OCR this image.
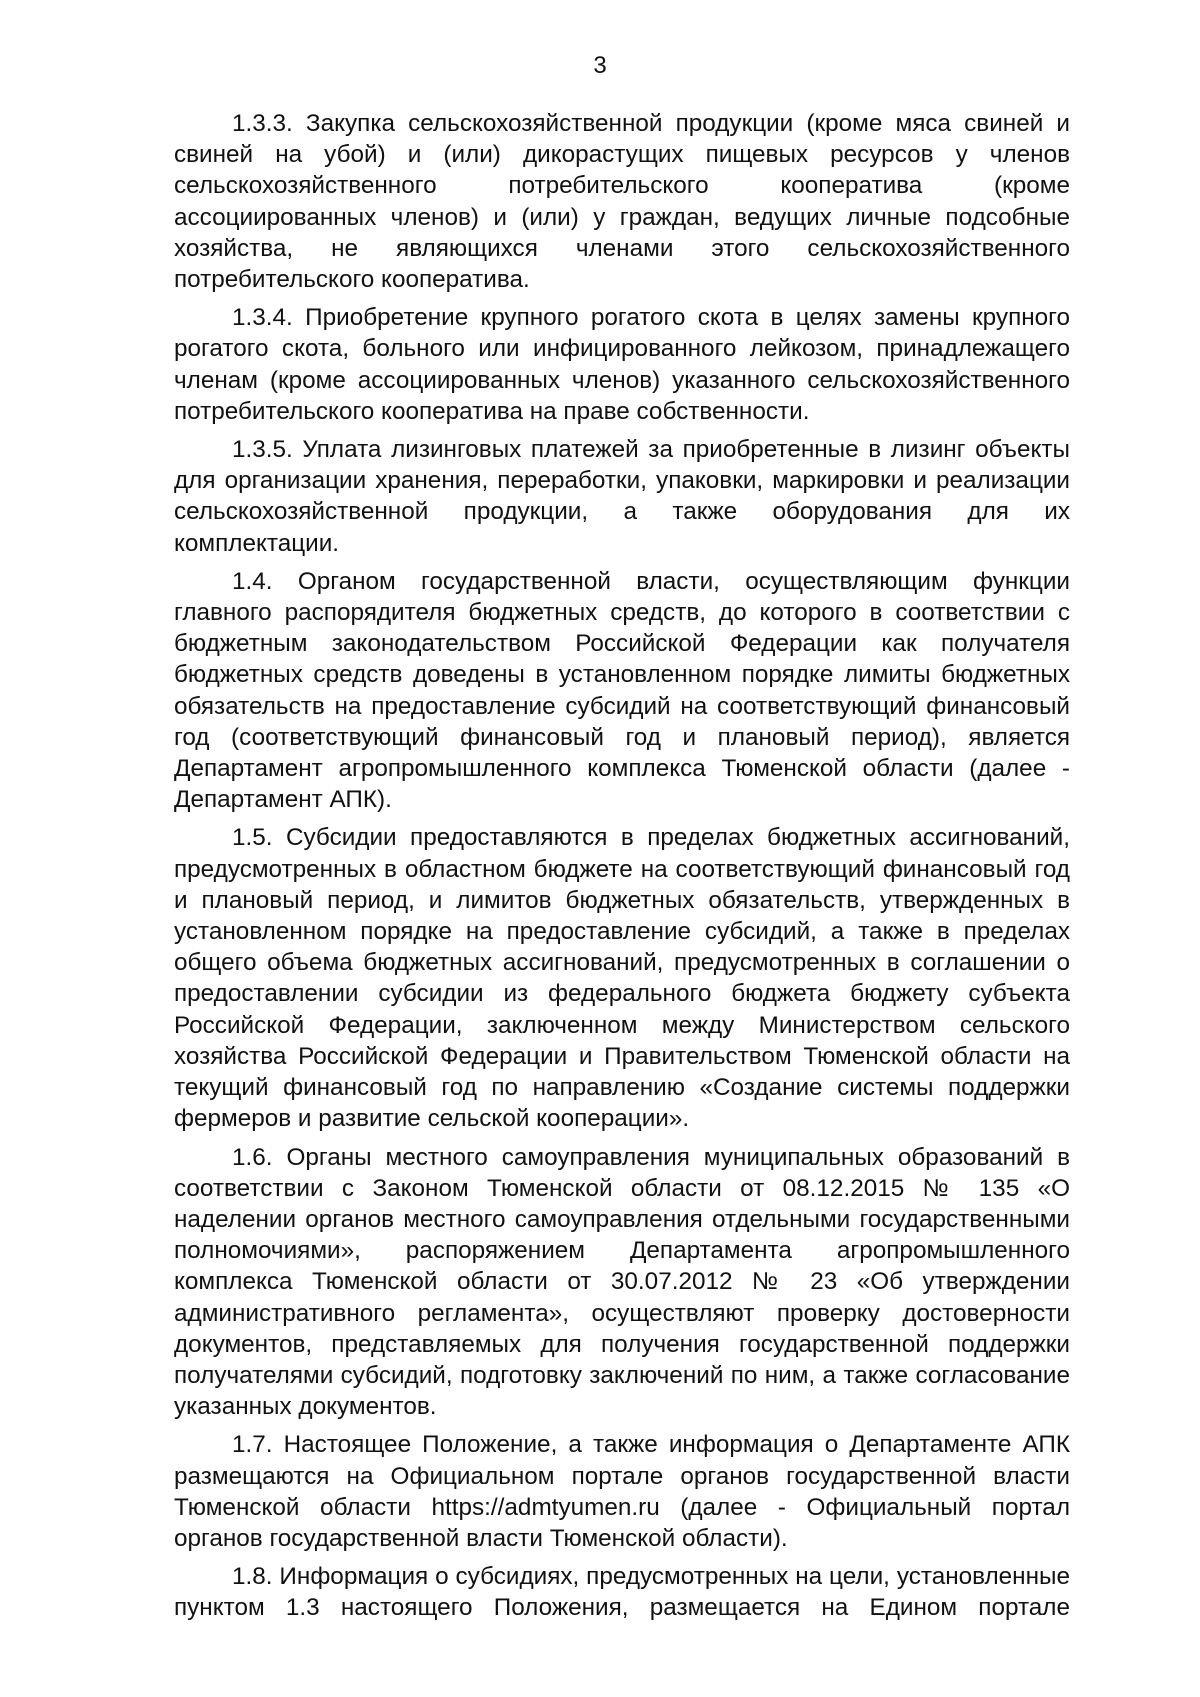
3

1.3.3. Закупка сельскохозяйственной продукции (кроме мяса свиней и свиней на убой) и (или) дикорастущих пищевых ресурсов у членов сельскохозяйственного потребительского кооператива (кроме ассоциированных членов) и (или) у граждан, ведущих личные подсобные хозяйства, не являющихся членами этого сельскохозяйственного потребительского кооператива.

1.3.4. Приобретение крупного рогатого скота в целях замены крупного рогатого скота, больного или инфицированного лейкозом, принадлежащего членам (кроме ассоциированных членов) указанного сельскохозяйственного потребительского кооператива на праве собственности.

1.3.5. Уплата лизинговых платежей за приобретенные в лизинг объекты для организации хранения, переработки, упаковки, маркировки и реализации сельскохозяйственной продукции, а также оборудования для их комплектации.

1.4. Органом государственной власти, осуществляющим функции главного распорядителя бюджетных средств, до которого в соответствии с бюджетным законодательством Российской Федерации как получателя бюджетных средств доведены в установленном порядке лимиты бюджетных обязательств на предоставление субсидий на соответствующий финансовый год (соответствующий финансовый год и плановый период), является Департамент агропромышленного комплекса Тюменской области (далее - Департамент АПК).

1.5. Субсидии предоставляются в пределах бюджетных ассигнований, предусмотренных в областном бюджете на соответствующий финансовый год и плановый период, и лимитов бюджетных обязательств, утвержденных в установленном порядке на предоставление субсидий, а также в пределах общего объема бюджетных ассигнований, предусмотренных в соглашении о предоставлении субсидии из федерального бюджета бюджету субъекта Российской Федерации, заключенном между Министерством сельского хозяйства Российской Федерации и Правительством Тюменской области на текущий финансовый год по направлению «Создание системы поддержки фермеров и развитие сельской кооперации».

1.6. Органы местного самоуправления муниципальных образований в соответствии с Законом Тюменской области от 08.12.2015 № 135 «О наделении органов местного самоуправления отдельными государственными полномочиями», распоряжением Департамента агропромышленного комплекса Тюменской области от 30.07.2012 № 23 «Об утверждении административного регламента», осуществляют проверку достоверности документов, представляемых для получения государственной поддержки получателями субсидий, подготовку заключений по ним, а также согласование указанных документов.

1.7. Настоящее Положение, а также информация о Департаменте АПК размещаются на Официальном портале органов государственной власти Тюменской области https://admtyumen.ru (далее - Официальный портал органов государственной власти Тюменской области).

1.8. Информация о субсидиях, предусмотренных на цели, установленные пунктом 1.3 настоящего Положения, размещается на Едином портале
